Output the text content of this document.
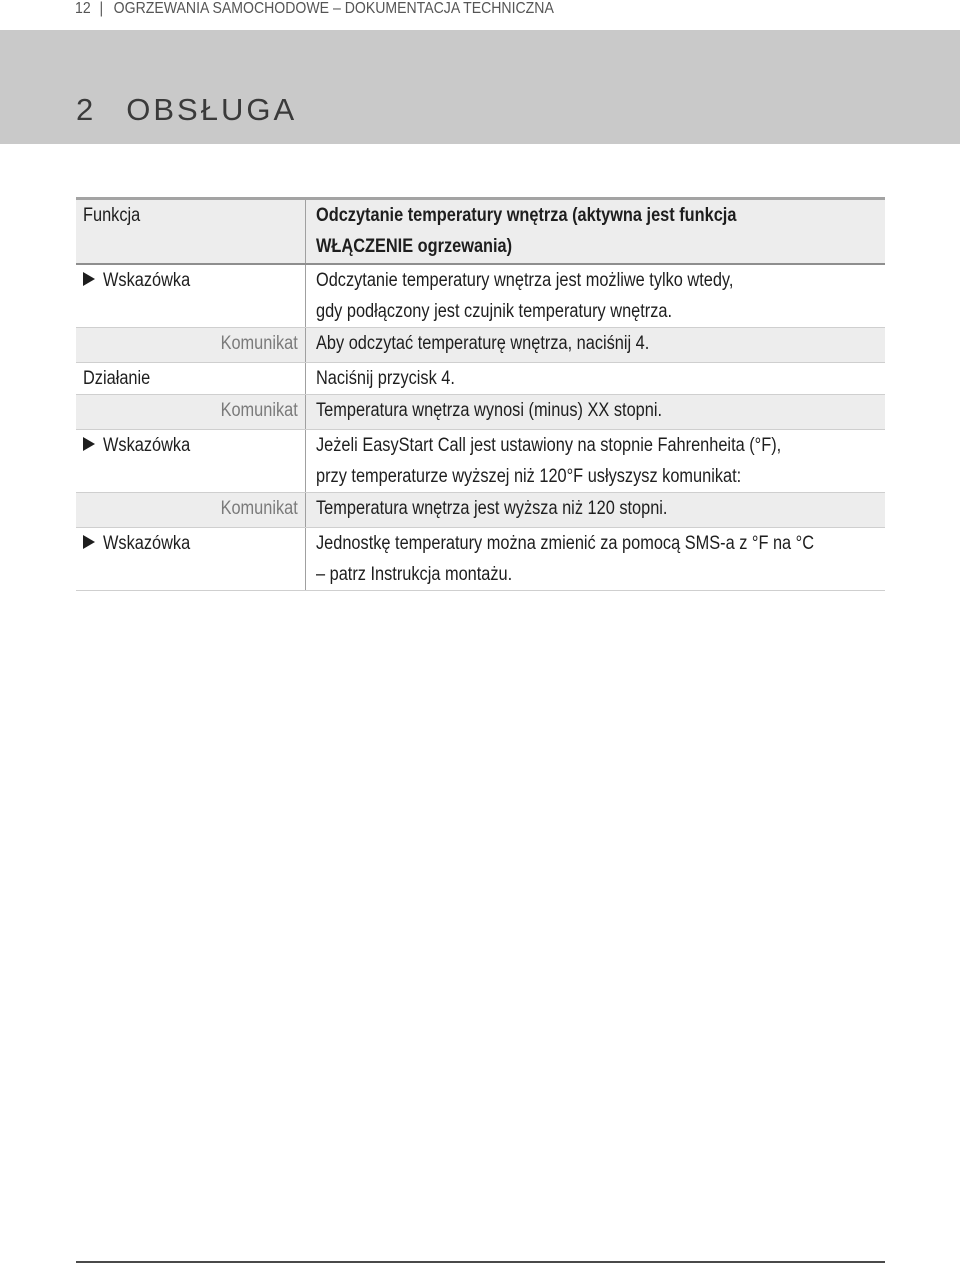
12 | OGRZEWANIA SAMOCHODOWE – DOKUMENTACJA TECHNICZNA
2 OBSŁUGA
Funkcja	Odczytanie temperatury wnętrza (aktywna jest funkcja
WŁĄCZENIE ogrzewania)
Wskazówka	Odczytanie temperatury wnętrza jest możliwe tylko wtedy,
gdy podłączony jest czujnik temperatury wnętrza.
Komunikat Aby odczytać temperaturę wnętrza, naciśnij 4.
Działanie	Naciśnij przycisk 4.
Komunikat Temperatura wnętrza wynosi (minus) XX stopni.
Wskazówka	Jeżeli EasyStart Call jest ustawiony na stopnie Fahrenheita (°F),
przy temperaturze wyższej niż 120°F usłyszysz komunikat:
Komunikat Temperatura wnętrza jest wyższa niż 120 stopni.
Wskazówka	Jednostkę temperatury można zmienić za pomocą SMS-a z °F na °C
– patrz Instrukcja montażu.
